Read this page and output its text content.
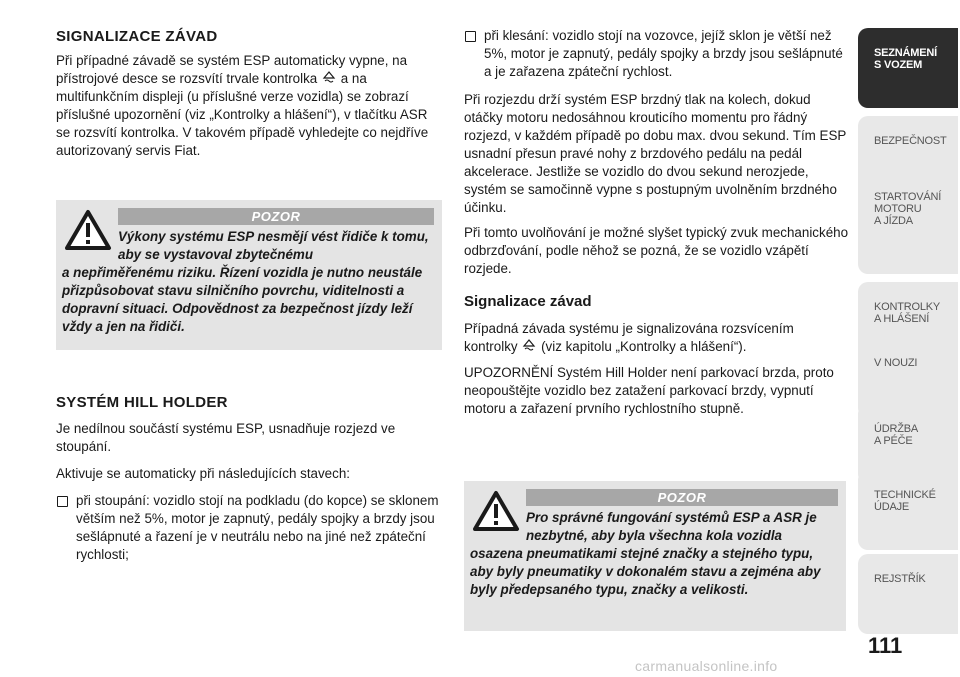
SIGNALIZACE ZÁVAD

Při případné závadě se systém ESP automaticky vypne, na přístrojové desce se rozsvítí trvale kontrolka a na multifunkčním displeji (u příslušné verze vozidla) se zobrazí příslušné upozornění (viz „Kontrolky a hlášení“), v tlačítku ASR se rozsvítí kontrolka. V takovém případě vyhledejte co nejdříve autorizovaný servis Fiat.

POZOR
Výkony systému ESP nesmějí vést řidiče k tomu, aby se vystavoval zbytečnému
a nepřiměřenému riziku. Řízení vozidla je nutno neustále přizpůsobovat stavu silničního povrchu, viditelnosti a dopravní situaci. Odpovědnost za bezpečnost jízdy leží vždy a jen na řidiči.
SYSTÉM HILL HOLDER

Je nedílnou součástí systému ESP, usnadňuje rozjezd ve stoupání.

Aktivuje se automaticky při následujících stavech:

při stoupání: vozidlo stojí na podkladu (do kopce) se sklonem větším než 5%, motor je zapnutý, pedály spojky a brzdy jsou sešlápnuté a řazení je v neutrálu nebo na jiné než zpáteční rychlosti;
při klesání: vozidlo stojí na vozovce, jejíž sklon je větší než 5%, motor je zapnutý, pedály spojky a brzdy jsou sešlápnuté a je zařazena zpáteční rychlost.

Při rozjezdu drží systém ESP brzdný tlak na kolech, dokud otáčky motoru nedosáhnou krouticího momentu pro řádný rozjezd, v každém případě po dobu max. dvou sekund. Tím ESP usnadní přesun pravé nohy z brzdového pedálu na pedál akcelerace. Jestliže se vozidlo do dvou sekund nerozjede, systém se samočinně vypne s postupným uvolněním brzdného účinku.

Při tomto uvolňování je možné slyšet typický zvuk mechanického odbrzďování, podle něhož se pozná, že se vozidlo vzápětí rozjede.

Signalizace závad

Případná závada systému je signalizována rozsvícením kontrolky (viz kapitolu „Kontrolky a hlášení“).

UPOZORNĚNÍ Systém Hill Holder není parkovací brzda, proto neopouštějte vozidlo bez zatažení parkovací brzdy, vypnutí motoru a zařazení prvního rychlostního stupně.

POZOR
Pro správné fungování systémů ESP a ASR je nezbytné, aby byla všechna kola vozidla
osazena pneumatikami stejné značky a stejného typu, aby byly pneumatiky v dokonalém stavu a zejména aby byly předepsaného typu, značky a velikosti.
SEZNÁMENÍ
S VOZEM
BEZPEČNOST
STARTOVÁNÍ
MOTORU
A JÍZDA
KONTROLKY
A HLÁŠENÍ
V NOUZI
ÚDRŽBA
A PÉČE
TECHNICKÉ
ÚDAJE
REJSTŘÍK
111
carmanualsonline.info
